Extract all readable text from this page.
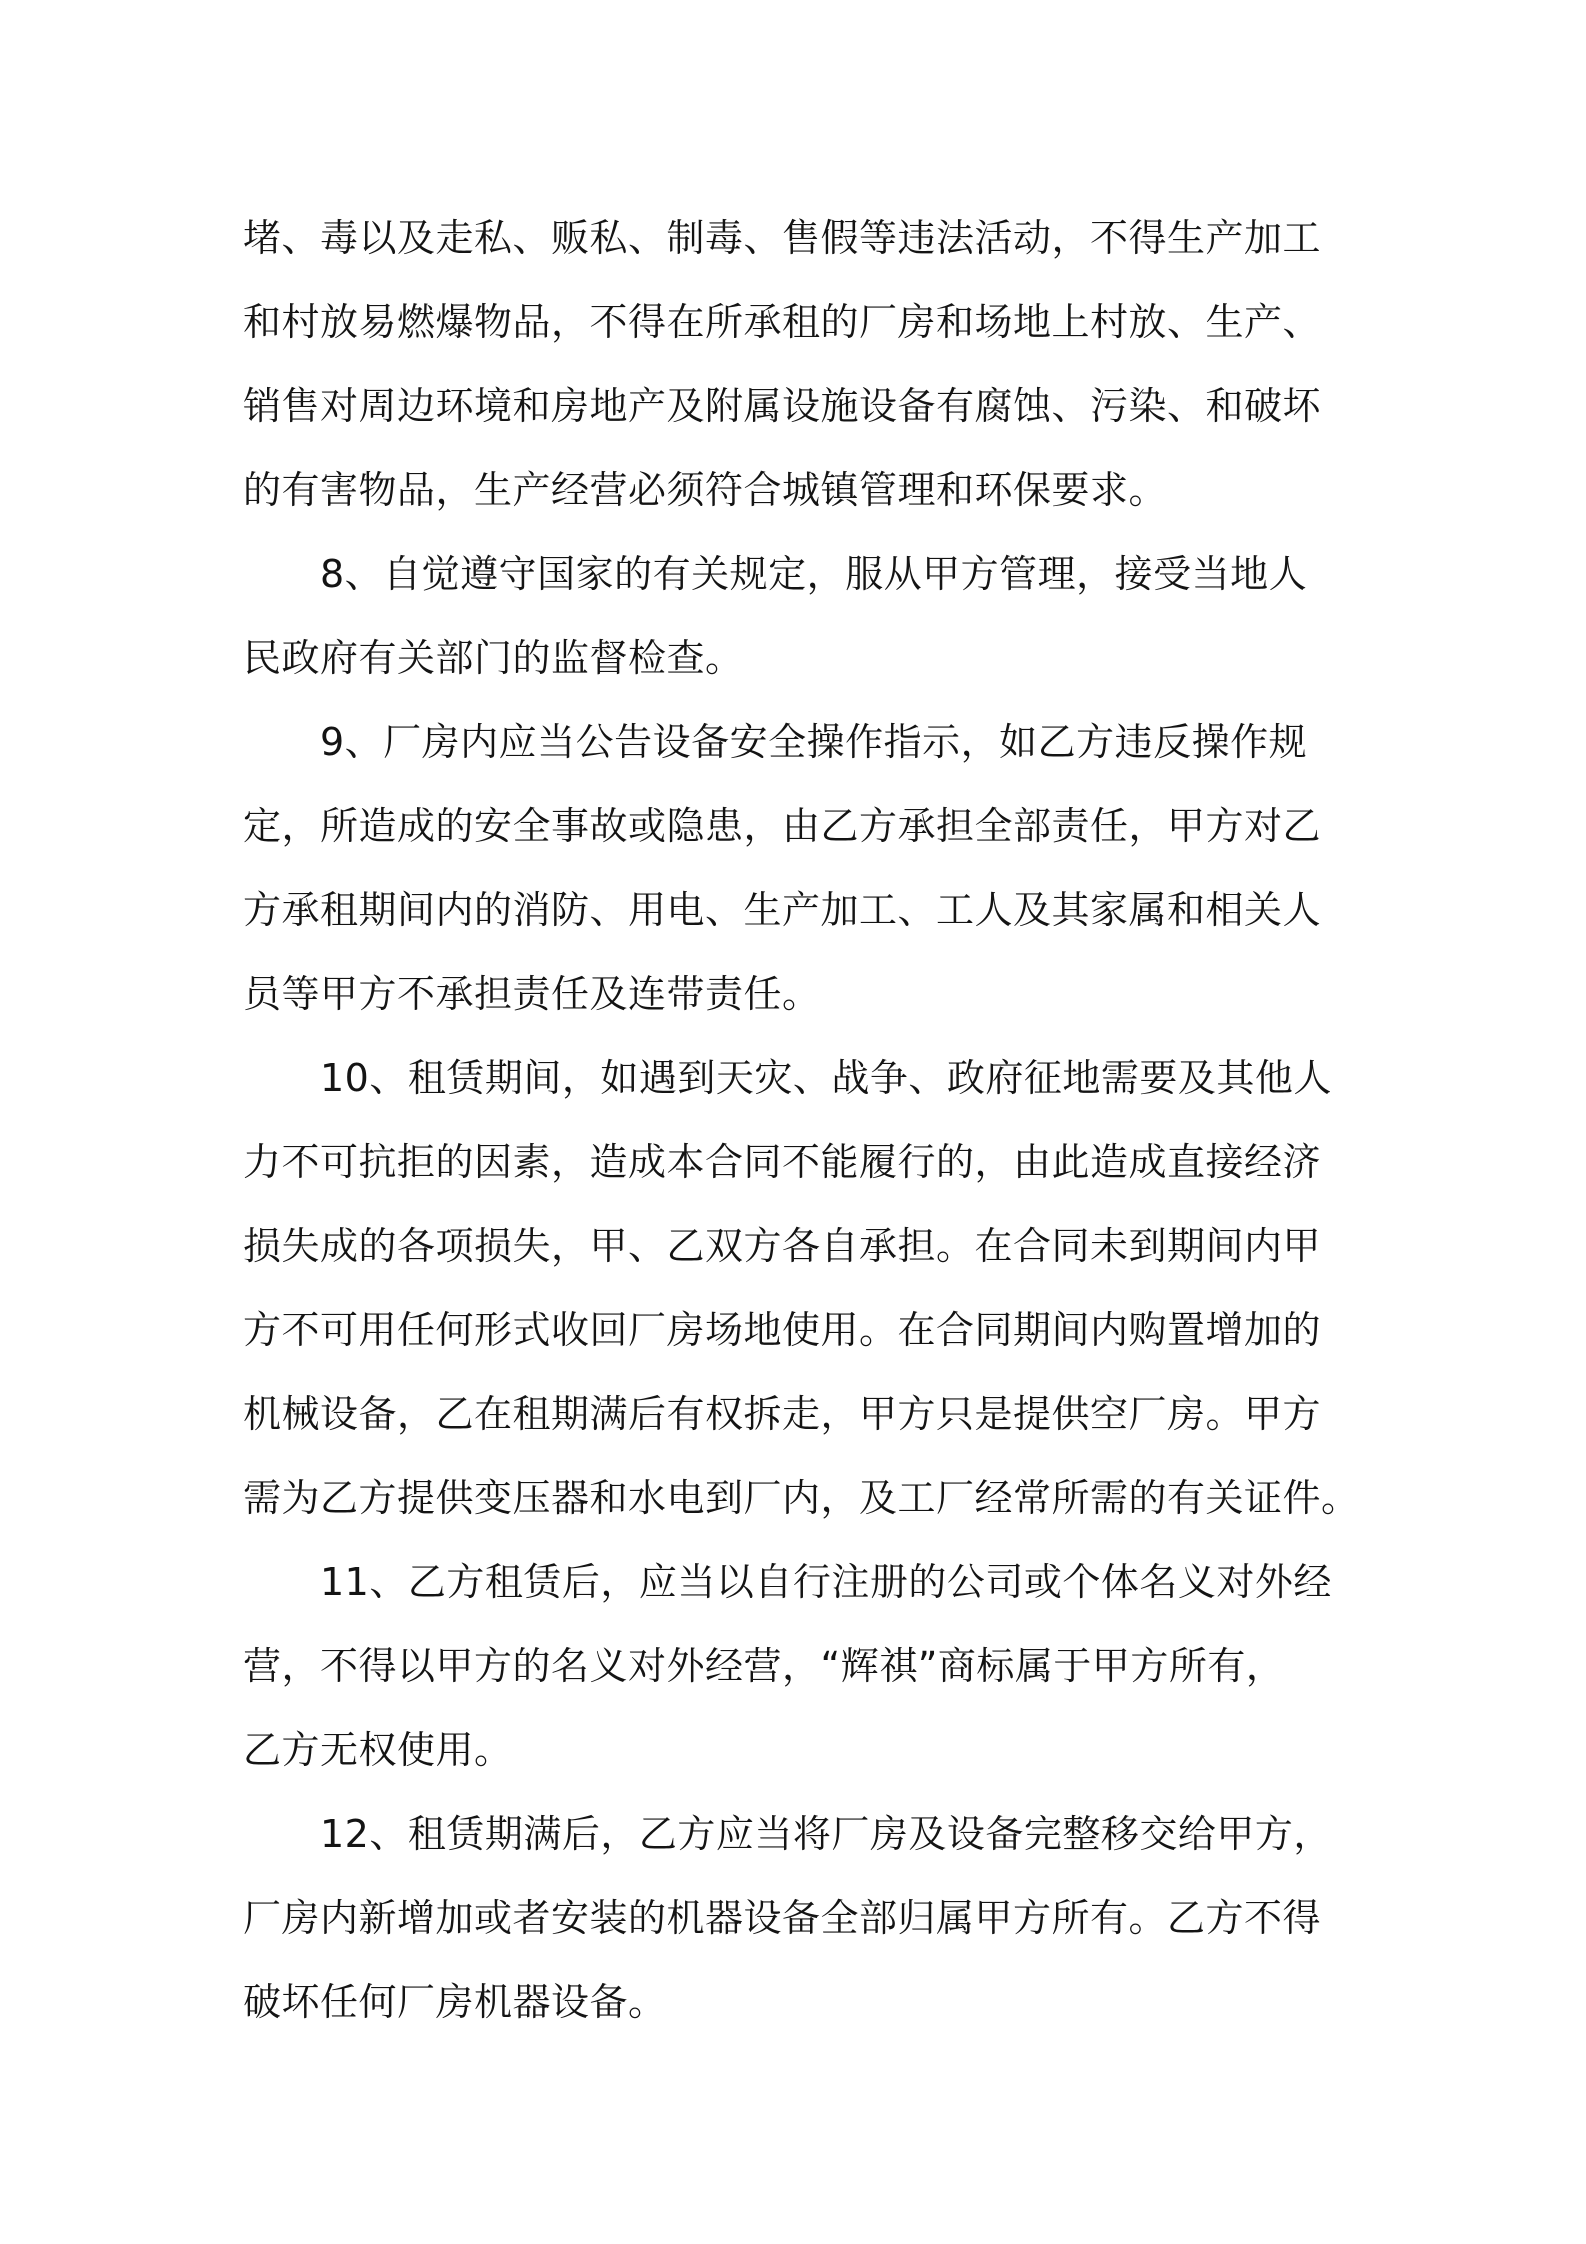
堵、毒以及走私、贩私、制毒、售假等违法活动，不得生产加工
和村放易燃爆物品，不得在所承租的厂房和场地上村放、生产、
销售对周边环境和房地产及附属设施设备有腐蚀、污染、和破坏
的有害物品，生产经营必须符合城镇管理和环保要求。
8、自觉遵守国家的有关规定，服从甲方管理，接受当地人
民政府有关部门的监督检查。
9、厂房内应当公告设备安全操作指示，如乙方违反操作规
定，所造成的安全事故或隐患，由乙方承担全部责任，甲方对乙
方承租期间内的消防、用电、生产加工、工人及其家属和相关人
员等甲方不承担责任及连带责任。
10、租赁期间，如遇到天灾、战争、政府征地需要及其他人
力不可抗拒的因素，造成本合同不能履行的，由此造成直接经济
损失成的各项损失，甲、乙双方各自承担。在合同未到期间内甲
方不可用任何形式收回厂房场地使用。在合同期间内购置增加的
机械设备，乙在租期满后有权拆走，甲方只是提供空厂房。甲方
需为乙方提供变压器和水电到厂内，及工厂经常所需的有关证件。
11、乙方租赁后，应当以自行注册的公司或个体名义对外经
营，不得以甲方的名义对外经营，“辉祺”商标属于甲方所有，
乙方无权使用。
12、租赁期满后，乙方应当将厂房及设备完整移交给甲方，
厂房内新增加或者安装的机器设备全部归属甲方所有。乙方不得
破坏任何厂房机器设备。
